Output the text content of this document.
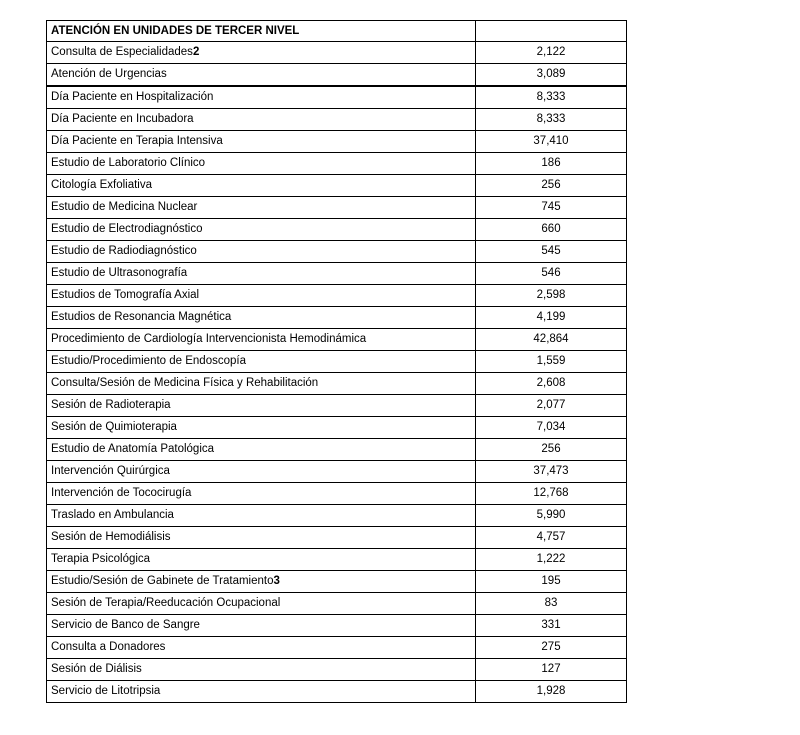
ATENCIÓN EN UNIDADES DE TERCER NIVEL	
Consulta de Especialidades2	2,122
Atención de Urgencias	3,089
Día Paciente en Hospitalización	8,333
Día Paciente en Incubadora	8,333
Día Paciente en Terapia Intensiva	37,410
Estudio de Laboratorio Clínico	186
Citología Exfoliativa	256
Estudio de Medicina Nuclear	745
Estudio de Electrodiagnóstico	660
Estudio de Radiodiagnóstico	545
Estudio de Ultrasonografía	546
Estudios de Tomografía Axial	2,598
Estudios de Resonancia Magnética	4,199
Procedimiento de Cardiología Intervencionista Hemodinámica	42,864
Estudio/Procedimiento de Endoscopía	1,559
Consulta/Sesión de Medicina Física y Rehabilitación	2,608
Sesión de Radioterapia	2,077
Sesión de Quimioterapia	7,034
Estudio de Anatomía Patológica	256
Intervención Quirúrgica	37,473
Intervención de Tococirugía	12,768
Traslado en Ambulancia	5,990
Sesión de Hemodiálisis	4,757
Terapia Psicológica	1,222
Estudio/Sesión de Gabinete de Tratamiento3	195
Sesión de Terapia/Reeducación Ocupacional	83
Servicio de Banco de Sangre	331
Consulta a Donadores	275
Sesión de Diálisis	127
Servicio de Litotripsia	1,928
